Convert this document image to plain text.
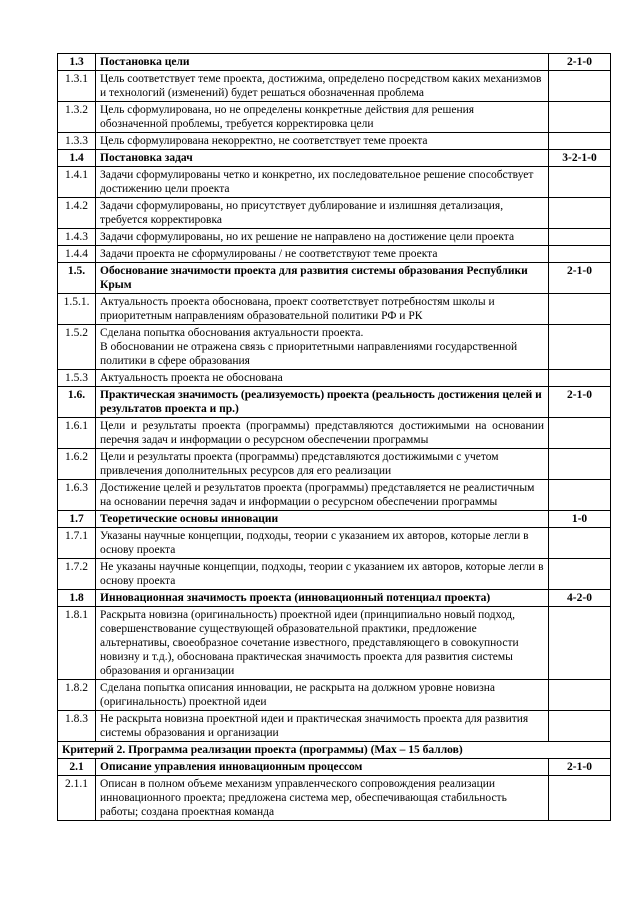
1.3	Постановка цели	2-1-0
1.3.1	Цель соответствует теме проекта, достижима, определено посредством каких механизмов и технологий (изменений) будет решаться обозначенная проблема	

1.3.2	Цель сформулирована, но не определены конкретные действия для решения обозначенной проблемы, требуется корректировка цели	

1.3.3	Цель сформулирована некорректно, не соответствует теме проекта	

1.4	Постановка задач	3-2-1-0
1.4.1	Задачи сформулированы четко и конкретно, их последовательное решение способствует достижению цели проекта	

1.4.2	Задачи сформулированы, но присутствует дублирование и излишняя детализация, требуется корректировка	

1.4.3	Задачи сформулированы, но их решение не направлено на достижение цели проекта	

1.4.4	Задачи проекта не сформулированы / не соответствуют теме проекта	

1.5.	Обоснование значимости проекта для развития системы образования Республики Крым	2-1-0
1.5.1.	Актуальность проекта обоснована, проект соответствует потребностям школы и приоритетным направлениям образовательной политики РФ и РК	

1.5.2	Сделана попытка обоснования актуальности проекта.
В обосновании не отражена связь с приоритетными направлениями государственной политики в сфере образования	

1.5.3	Актуальность проекта не обоснована	

1.6.	Практическая значимость (реализуемость) проекта (реальность достижения целей и результатов проекта и пр.)	2-1-0
1.6.1	Цели и результаты проекта (программы) представляются достижимыми на основании перечня задач и информации о ресурсном обеспечении программы	

1.6.2	Цели и результаты проекта (программы) представляются достижимыми с учетом привлечения дополнительных ресурсов для его реализации	

1.6.3	Достижение целей и результатов проекта (программы) представляется не реалистичным на основании перечня задач и информации о ресурсном обеспечении программы	

1.7	Теоретические основы инновации	1-0
1.7.1	Указаны научные концепции, подходы, теории с указанием их авторов, которые легли в основу проекта	

1.7.2	Не указаны научные концепции, подходы, теории с указанием их авторов, которые легли в основу проекта	

1.8	Инновационная значимость проекта (инновационный потенциал проекта)	4-2-0
1.8.1	Раскрыта новизна (оригинальность) проектной идеи (принципиально новый подход, совершенствование существующей образовательной практики, предложение альтернативы, своеобразное сочетание известного, представляющего в совокупности новизну и т.д.), обоснована практическая значимость проекта для развития системы образования и организации	

1.8.2	Сделана попытка описания инновации, не раскрыта на должном уровне новизна (оригинальность) проектной идеи	

1.8.3	Не раскрыта новизна проектной идеи и практическая значимость проекта для развития системы образования и организации	

Критерий 2. Программа реализации проекта (программы) (Max – 15 баллов)		
2.1	Описание управления инновационным процессом	2-1-0
2.1.1	Описан в полном объеме механизм управленческого сопровождения реализации инновационного проекта; предложена система мер, обеспечивающая стабильность работы; создана проектная команда	
